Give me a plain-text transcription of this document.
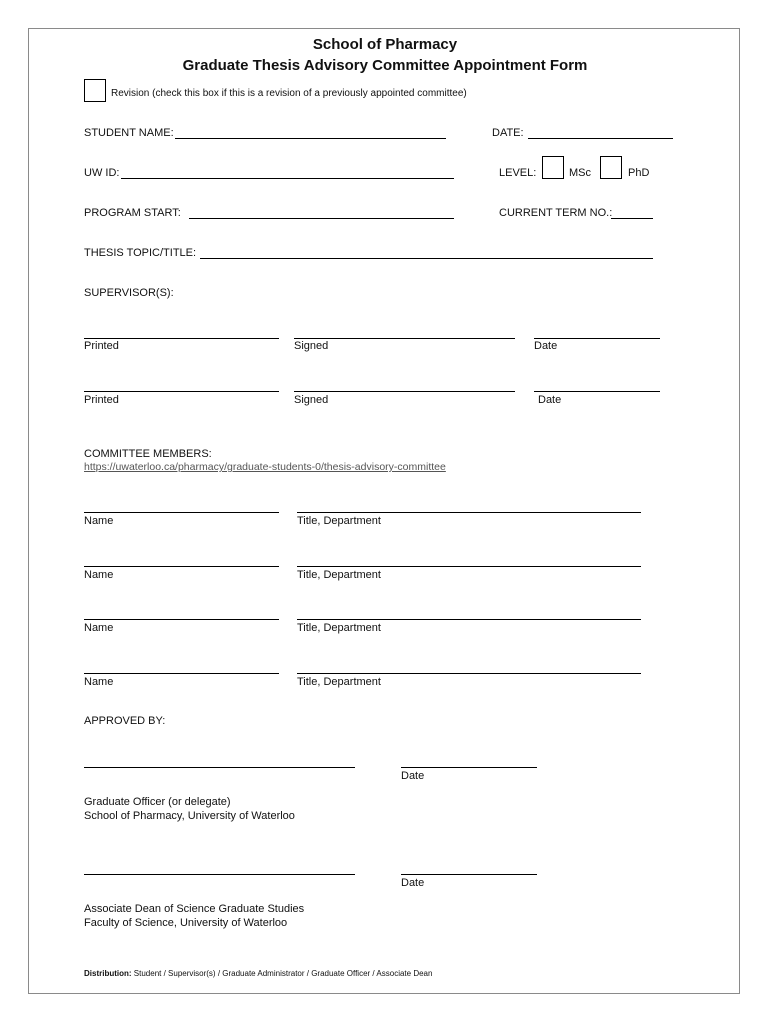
School of Pharmacy
Graduate Thesis Advisory Committee Appointment Form
Revision (check this box if this is a revision of a previously appointed committee)
STUDENT NAME:	DATE:
UW ID:	LEVEL:	MSc	PhD
PROGRAM START:	CURRENT TERM NO.:
THESIS TOPIC/TITLE:
SUPERVISOR(S):
Printed	Signed	Date
Printed	Signed	Date
COMMITTEE MEMBERS:
https://uwaterloo.ca/pharmacy/graduate-students-0/thesis-advisory-committee
Name	Title, Department
Name	Title, Department
Name	Title, Department
Name	Title, Department
APPROVED BY:
Date
Graduate Officer (or delegate)
School of Pharmacy, University of Waterloo
Date
Associate Dean of Science Graduate Studies
Faculty of Science, University of Waterloo
Distribution: Student / Supervisor(s) / Graduate Administrator / Graduate Officer / Associate Dean
